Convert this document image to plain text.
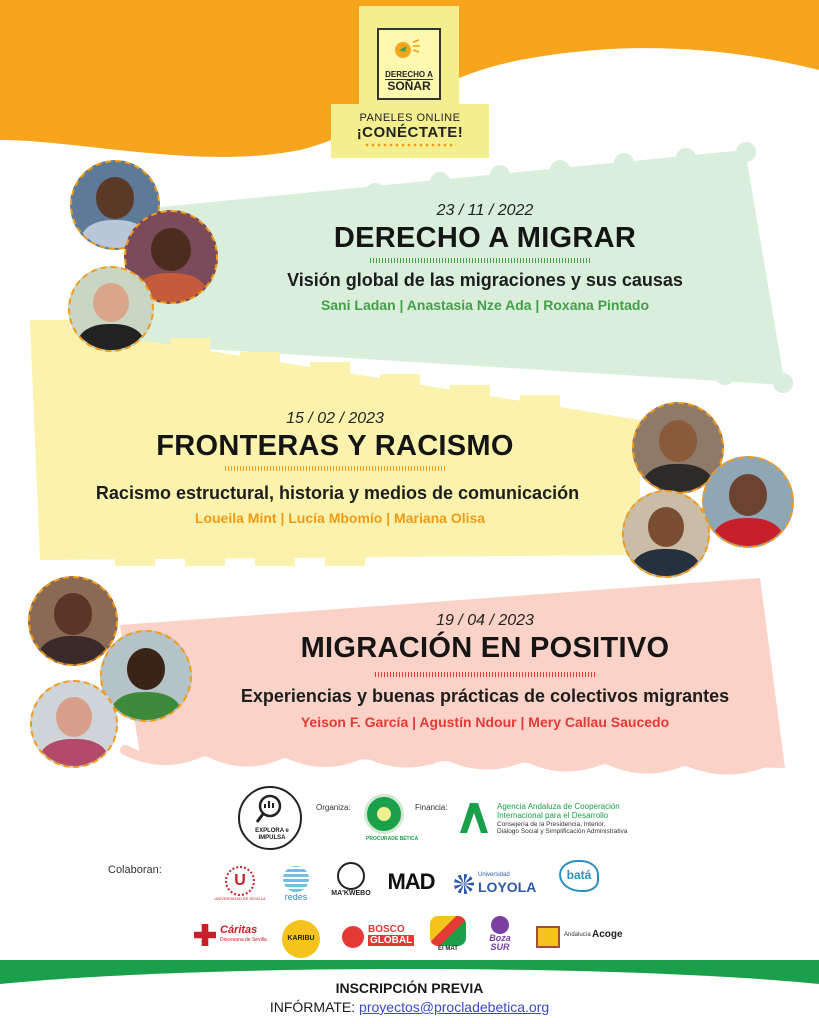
DERECHO A
SOÑAR
PANELES ONLINE
¡CONÉCTATE!
23 / 11 / 2022
DERECHO A MIGRAR
Visión global de las migraciones y sus causas
Sani Ladan | Anastasia Nze Ada | Roxana Pintado
15 / 02 / 2023
FRONTERAS Y RACISMO
Racismo estructural, historia y medios de comunicación
Loueila Mint | Lucía Mbomío | Mariana Olisa
19 / 04 / 2023
MIGRACIÓN EN POSITIVO
Experiencias y buenas prácticas de colectivos migrantes
Yeison F. García | Agustín Ndour | Mery Callau Saucedo
EXPLORA e IMPULSA
Organiza:
PROCURADE BÉTICA
Financia:	Agencia Andaluza de Cooperación
Internacional para el Desarrollo
Consejería de la Presidencia, Interior,
Diálogo Social y Simplificación Administrativa
Colaboran:
U
UNIVERSIDAD DE SEVILLA	redes	MA'KWEBO MAD	Universidad
LOYOLA
batá
Cáritas
Diocesana de Sevilla	KARIBU
BOSCO
GLOBAL
El MAT
Boza
SUR
Andalucía Acoge
INSCRIPCIÓN PREVIA
INFÓRMATE: proyectos@procladebetica.org
